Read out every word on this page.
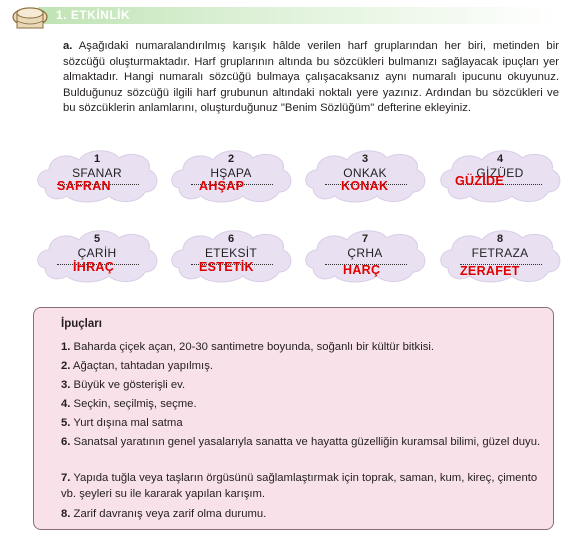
1. ETKİNLİK

a. Aşağıdaki numaralandırılmış karışık hâlde verilen harf gruplarından her biri, metinden bir sözcüğü oluşturmaktadır. Harf gruplarının altında bu sözcükleri bulmanızı sağlayacak ipuçları yer almaktadır. Hangi numaralı sözcüğü bulmaya çalışacaksanız aynı numaralı ipucunu okuyunuz. Bulduğunuz sözcüğü ilgili harf grubunun altındaki noktalı yere yazınız. Ardından bu sözcükleri ve bu sözcüklerin anlamlarını, oluşturduğunuz "Benim Sözlüğüm" defterine ekleyiniz.

1
SFANAR
SAFRAN
2
HŞAPA
AHŞAP
3
ONKAK
KONAK
4
GİZÜED
GÜZİDE
5
ÇARİH
İHRAÇ
6
ETEKSİT
ESTETİK
7
ÇRHA
HARÇ
8
FETRAZA
ZERAFET
İpuçları
1. Baharda çiçek açan, 20-30 santimetre boyunda, soğanlı bir kültür bitkisi.
2. Ağaçtan, tahtadan yapılmış.
3. Büyük ve gösterişli ev.
4. Seçkin, seçilmiş, seçme.
5. Yurt dışına mal satma
6. Sanatsal yaratının genel yasalarıyla sanatta ve hayatta güzelliğin kuramsal bilimi, güzel duyu.
7. Yapıda tuğla veya taşların örgüsünü sağlamlaştırmak için toprak, saman, kum, kireç, çimento vb. şeyleri su ile kararak yapılan karışım.
8. Zarif davranış veya zarif olma durumu.
